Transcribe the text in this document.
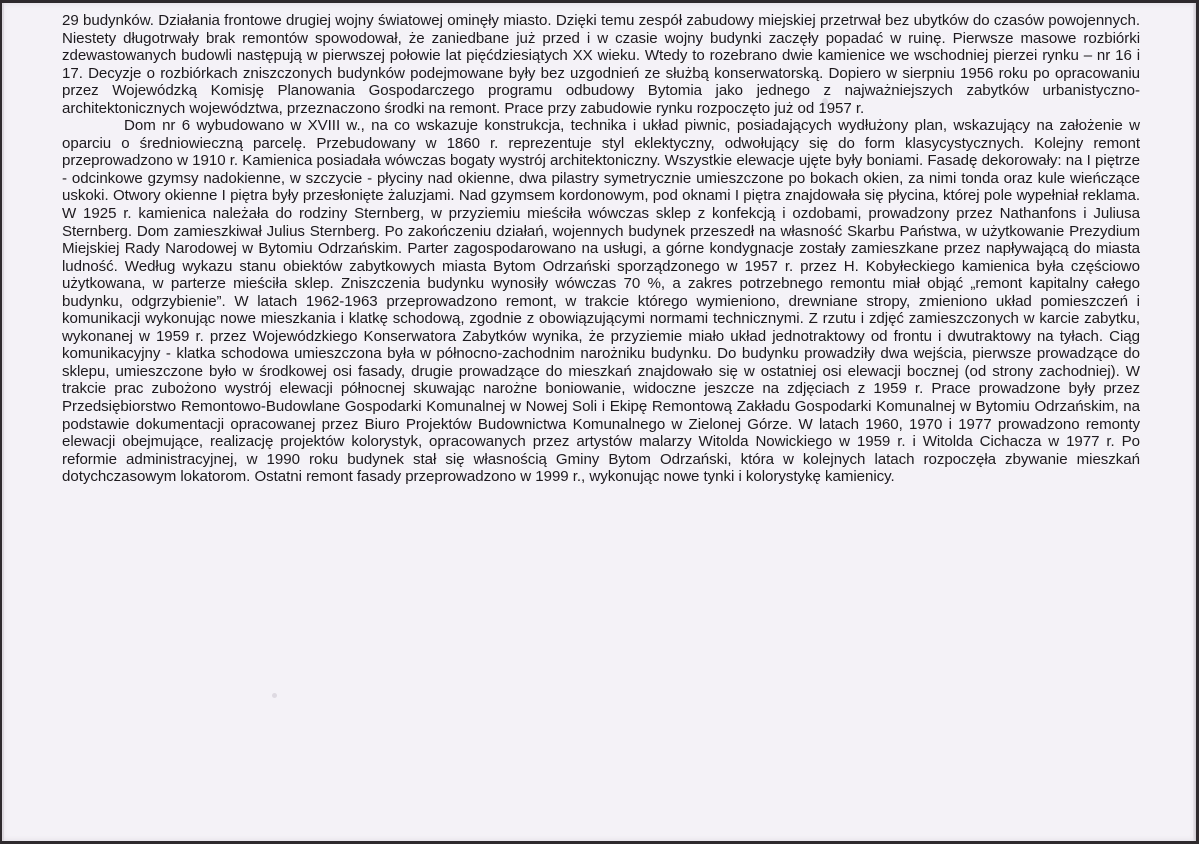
29 budynków. Działania frontowe drugiej wojny światowej ominęły miasto. Dzięki temu zespół zabudowy miejskiej przetrwał bez ubytków do czasów powojennych. Niestety długotrwały brak remontów spowodował, że zaniedbane już przed i w czasie wojny budynki zaczęły popadać w ruinę. Pierwsze masowe rozbiórki zdewastowanych budowli następują w pierwszej połowie lat pięćdziesiątych XX wieku. Wtedy to rozebrano dwie kamienice we wschodniej pierzei rynku – nr 16 i 17. Decyzje o rozbiórkach zniszczonych budynków podejmowane były bez uzgodnień ze służbą konserwatorską. Dopiero w sierpniu 1956 roku po opracowaniu przez Wojewódzką Komisję Planowania Gospodarczego programu odbudowy Bytomia jako jednego z najważniejszych zabytków urbanistyczno-architektonicznych województwa, przeznaczono środki na remont. Prace przy zabudowie rynku rozpoczęto już od 1957 r.

Dom nr 6 wybudowano w XVIII w., na co wskazuje konstrukcja, technika i układ piwnic, posiadających wydłużony plan, wskazujący na założenie w oparciu o średniowieczną parcelę. Przebudowany w 1860 r. reprezentuje styl eklektyczny, odwołujący się do form klasycystycznych. Kolejny remont przeprowadzono w 1910 r. Kamienica posiadała wówczas bogaty wystrój architektoniczny. Wszystkie elewacje ujęte były boniami. Fasadę dekorowały: na I piętrze - odcinkowe gzymsy nadokienne, w szczycie - płyciny nad okienne, dwa pilastry symetrycznie umieszczone po bokach okien, za nimi tonda oraz kule wieńczące uskoki. Otwory okienne I piętra były przesłonięte żaluzjami. Nad gzymsem kordonowym, pod oknami I piętra znajdowała się płycina, której pole wypełniał reklama. W 1925 r. kamienica należała do rodziny Sternberg, w przyziemiu mieściła wówczas sklep z konfekcją i ozdobami, prowadzony przez Nathanfons i Juliusa Sternberg. Dom zamieszkiwał Julius Sternberg. Po zakończeniu działań, wojennych budynek przeszedł na własność Skarbu Państwa, w użytkowanie Prezydium Miejskiej Rady Narodowej w Bytomiu Odrzańskim. Parter zagospodarowano na usługi, a górne kondygnacje zostały zamieszkane przez napływającą do miasta ludność. Według wykazu stanu obiektów zabytkowych miasta Bytom Odrzański sporządzonego w 1957 r. przez H. Kobyłeckiego kamienica była częściowo użytkowana, w parterze mieściła sklep. Zniszczenia budynku wynosiły wówczas 70 %, a zakres potrzebnego remontu miał objąć „remont kapitalny całego budynku, odgrzybienie”. W latach 1962-1963 przeprowadzono remont, w trakcie którego wymieniono, drewniane stropy, zmieniono układ pomieszczeń i komunikacji wykonując nowe mieszkania i klatkę schodową, zgodnie z obowiązującymi normami technicznymi. Z rzutu i zdjęć zamieszczonych w karcie zabytku, wykonanej w 1959 r. przez Wojewódzkiego Konserwatora Zabytków wynika, że przyziemie miało układ jednotraktowy od frontu i dwutraktowy na tyłach. Ciąg komunikacyjny - klatka schodowa umieszczona była w północno-zachodnim narożniku budynku. Do budynku prowadziły dwa wejścia, pierwsze prowadzące do sklepu, umieszczone było w środkowej osi fasady, drugie prowadzące do mieszkań znajdowało się w ostatniej osi elewacji bocznej (od strony zachodniej). W trakcie prac zubożono wystrój elewacji północnej skuwając narożne boniowanie, widoczne jeszcze na zdjęciach z 1959 r. Prace prowadzone były przez Przedsiębiorstwo Remontowo-Budowlane Gospodarki Komunalnej w Nowej Soli i Ekipę Remontową Zakładu Gospodarki Komunalnej w Bytomiu Odrzańskim, na podstawie dokumentacji opracowanej przez Biuro Projektów Budownictwa Komunalnego w Zielonej Górze. W latach 1960, 1970 i 1977 prowadzono remonty elewacji obejmujące, realizację projektów kolorystyk, opracowanych przez artystów malarzy Witolda Nowickiego w 1959 r. i Witolda Cichacza w 1977 r. Po reformie administracyjnej, w 1990 roku budynek stał się własnością Gminy Bytom Odrzański, która w kolejnych latach rozpoczęła zbywanie mieszkań dotychczasowym lokatorom. Ostatni remont fasady przeprowadzono w 1999 r., wykonując nowe tynki i kolorystykę kamienicy.
